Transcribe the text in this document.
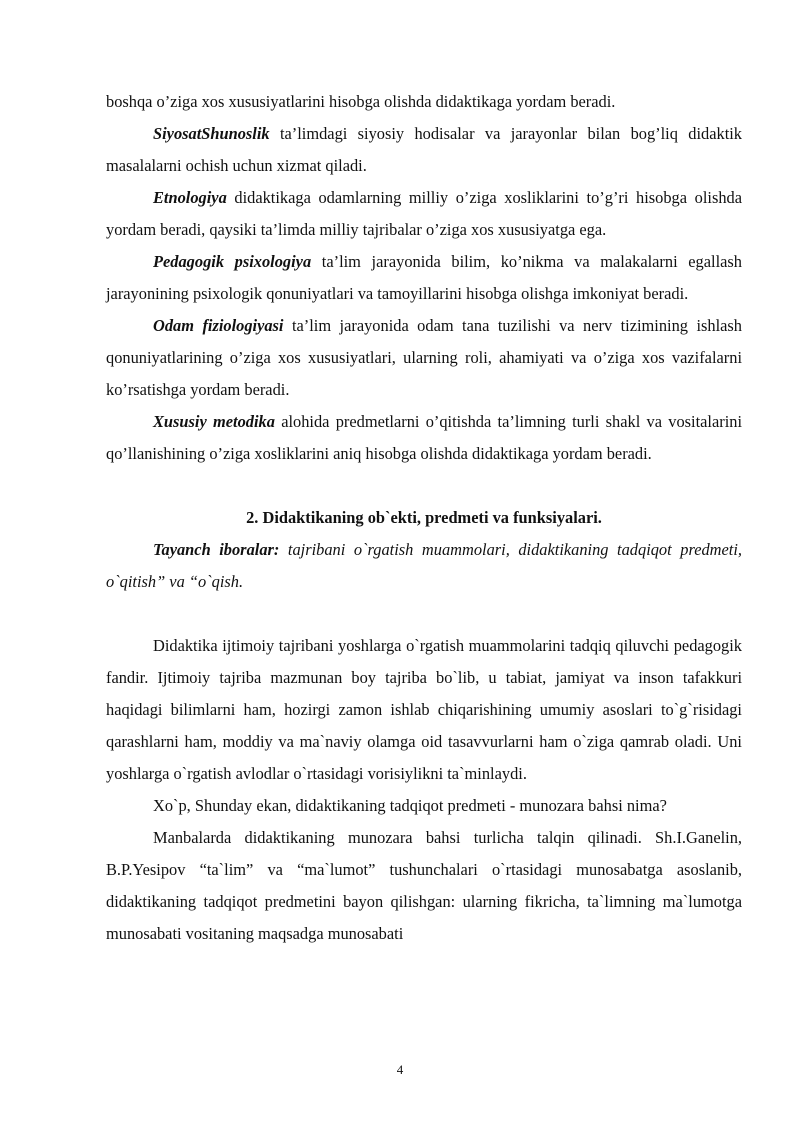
boshqa o’ziga xos xususiyatlarini hisobga olishda didaktikaga yordam beradi.

SiyosatShunoslik ta’limdagi siyosiy hodisalar va jarayonlar bilan bog’liq didaktik masalalarni ochish uchun xizmat qiladi.

Etnologiya didaktikaga odamlarning milliy o’ziga xosliklarini to’g’ri hisobga olishda yordam beradi, qaysiki ta’limda milliy tajribalar o’ziga xos xususiyatga ega.

Pedagogik psixologiya ta’lim jarayonida bilim, ko’nikma va malakalarni egallash jarayonining psixologik qonuniyatlari va tamoyillarini hisobga olishga imkoniyat beradi.

Odam fiziologiyasi ta’lim jarayonida odam tana tuzilishi va nerv tizimining ishlash qonuniyatlarining o’ziga xos xususiyatlari, ularning roli, ahamiyati va o’ziga xos vazifalarni ko’rsatishga yordam beradi.

Xususiy metodika alohida predmetlarni o’qitishda ta’limning turli shakl va vositalarini qo’llanishining o’ziga xosliklarini aniq hisobga olishda didaktikaga yordam beradi.

2. Didaktikaning ob`ekti, predmeti va funksiyalari.

Tayanch iboralar: tajribani o`rgatish muammolari, didaktikaning tadqiqot predmeti, o`qitish” va “o`qish.

Didaktika ijtimoiy tajribani yoshlarga o`rgatish muammolarini tadqiq qiluvchi pedagogik fandir. Ijtimoiy tajriba mazmunan boy tajriba bo`lib, u tabiat, jamiyat va inson tafakkuri haqidagi bilimlarni ham, hozirgi zamon ishlab chiqarishining umumiy asoslari to`g`risidagi qarashlarni ham, moddiy va ma`naviy olamga oid tasavvurlarni ham o`ziga qamrab oladi. Uni yoshlarga o`rgatish avlodlar o`rtasidagi vorisiylikni ta`minlaydi.

Xo`p, Shunday ekan, didaktikaning tadqiqot predmeti - munozara bahsi nima?

Manbalarda didaktikaning munozara bahsi turlicha talqin qilinadi. Sh.I.Ganelin, B.P.Yesipov “ta`lim” va “ma`lumot” tushunchalari o`rtasidagi munosabatga asoslanib, didaktikaning tadqiqot predmetini bayon qilishgan: ularning fikricha, ta`limning ma`lumotga munosabati vositaning maqsadga munosabati

4
